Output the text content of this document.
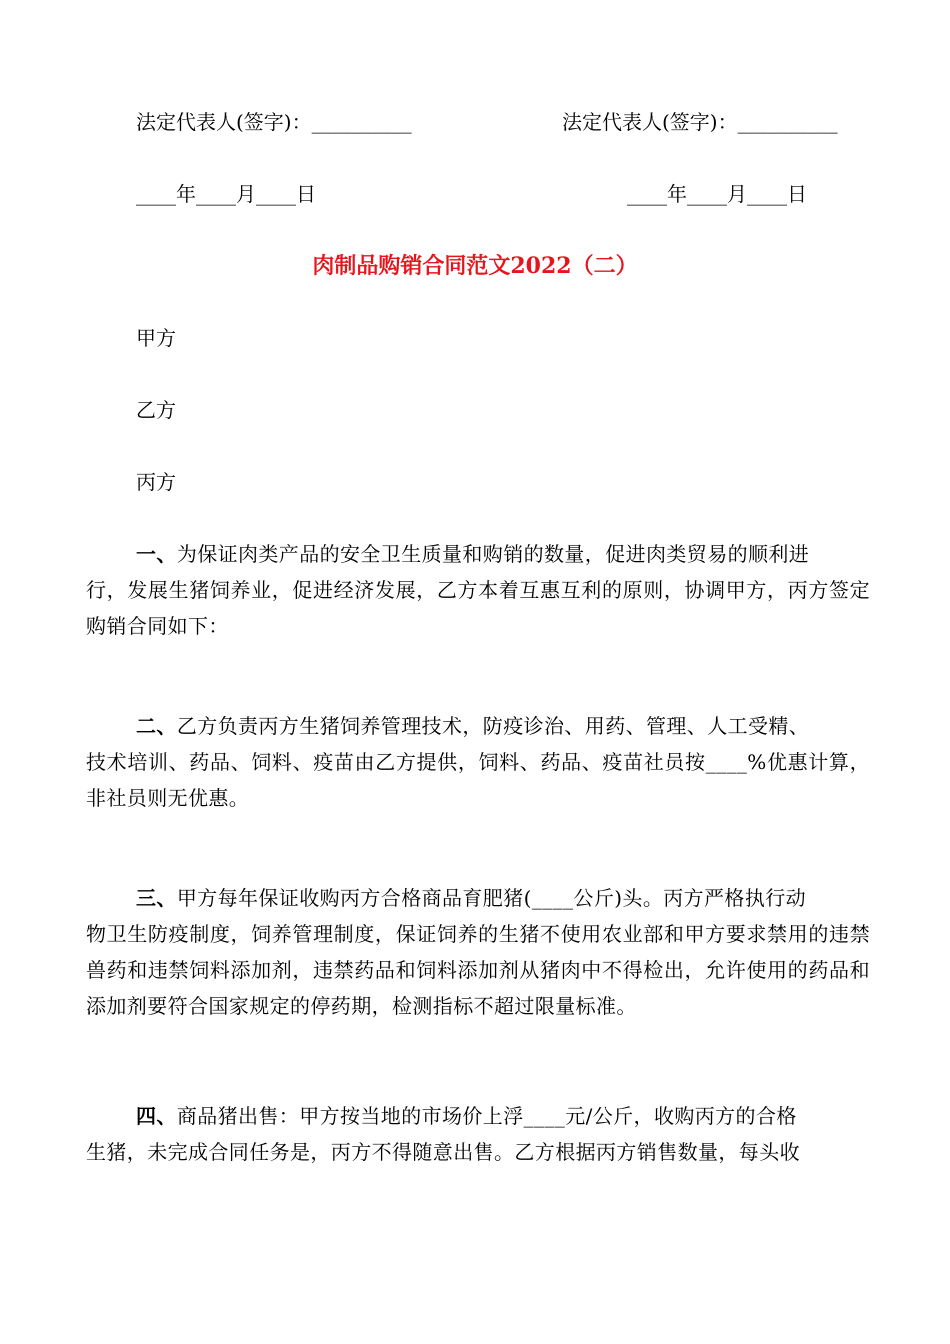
法定代表人(签字)：__________	法定代表人(签字)：__________
____年____月____日	____年____月____日
肉制品购销合同范文2022（二）
甲方
乙方
丙方
一、为保证肉类产品的安全卫生质量和购销的数量，促进肉类贸易的顺利进
行，发展生猪饲养业，促进经济发展，乙方本着互惠互利的原则，协调甲方，丙方签定购销合同如下：
二、乙方负责丙方生猪饲养管理技术，防疫诊治、用药、管理、人工受精、
技术培训、药品、饲料、疫苗由乙方提供，饲料、药品、疫苗社员按____%优惠计算，非社员则无优惠。
三、甲方每年保证收购丙方合格商品育肥猪(____公斤)头。丙方严格执行动
物卫生防疫制度，饲养管理制度，保证饲养的生猪不使用农业部和甲方要求禁用的违禁兽药和违禁饲料添加剂，违禁药品和饲料添加剂从猪肉中不得检出，允许使用的药品和添加剂要符合国家规定的停药期，检测指标不超过限量标准。
四、商品猪出售：甲方按当地的市场价上浮____元/公斤，收购丙方的合格
生猪，未完成合同任务是，丙方不得随意出售。乙方根据丙方销售数量，每头收
